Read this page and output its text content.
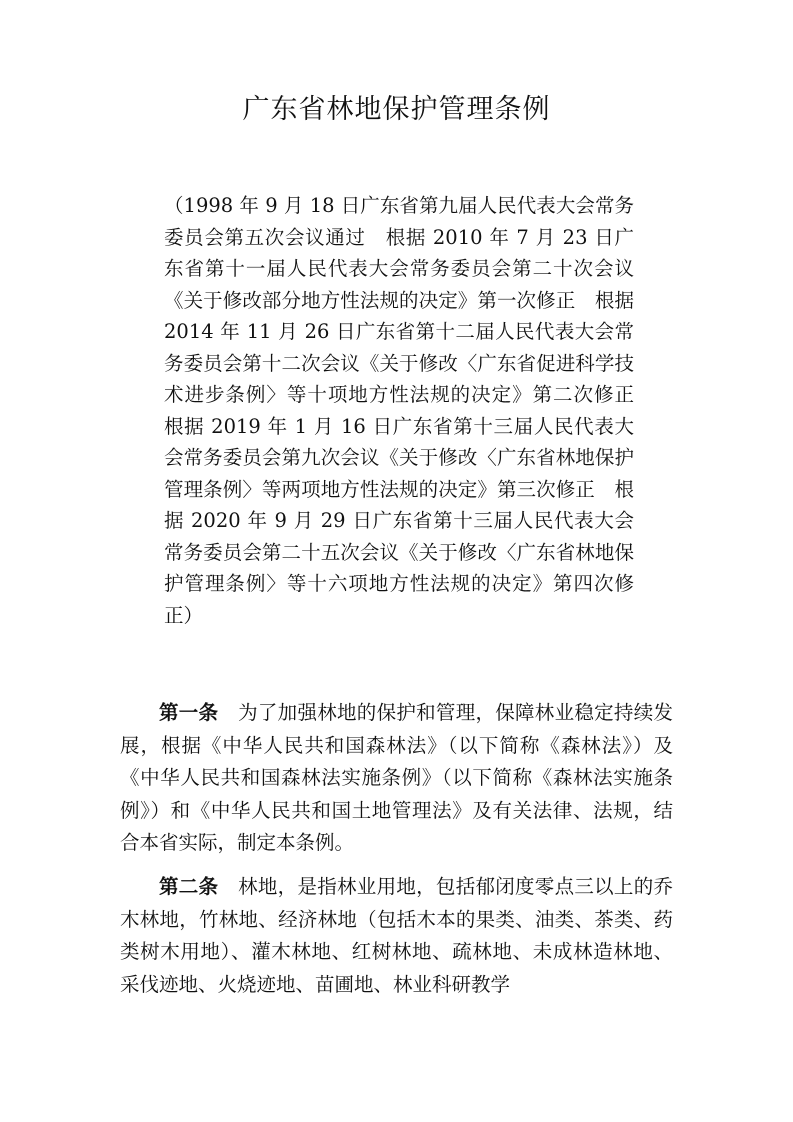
广东省林地保护管理条例

（1998 年 9 月 18 日广东省第九届人民代表大会常务委员会第五次会议通过　根据 2010 年 7 月 23 日广东省第十一届人民代表大会常务委员会第二十次会议《关于修改部分地方性法规的决定》第一次修正　根据 2014 年 11 月 26 日广东省第十二届人民代表大会常务委员会第十二次会议《关于修改〈广东省促进科学技术进步条例〉等十项地方性法规的决定》第二次修正　根据 2019 年 1 月 16 日广东省第十三届人民代表大会常务委员会第九次会议《关于修改〈广东省林地保护管理条例〉等两项地方性法规的决定》第三次修正　根据 2020 年 9 月 29 日广东省第十三届人民代表大会常务委员会第二十五次会议《关于修改〈广东省林地保护管理条例〉等十六项地方性法规的决定》第四次修正）

第一条　为了加强林地的保护和管理，保障林业稳定持续发展，根据《中华人民共和国森林法》（以下简称《森林法》）及《中华人民共和国森林法实施条例》（以下简称《森林法实施条例》）和《中华人民共和国土地管理法》及有关法律、法规，结合本省实际，制定本条例。

第二条　林地，是指林业用地，包括郁闭度零点三以上的乔木林地，竹林地、经济林地（包括木本的果类、油类、茶类、药类树木用地）、灌木林地、红树林地、疏林地、未成林造林地、采伐迹地、火烧迹地、苗圃地、林业科研教学
